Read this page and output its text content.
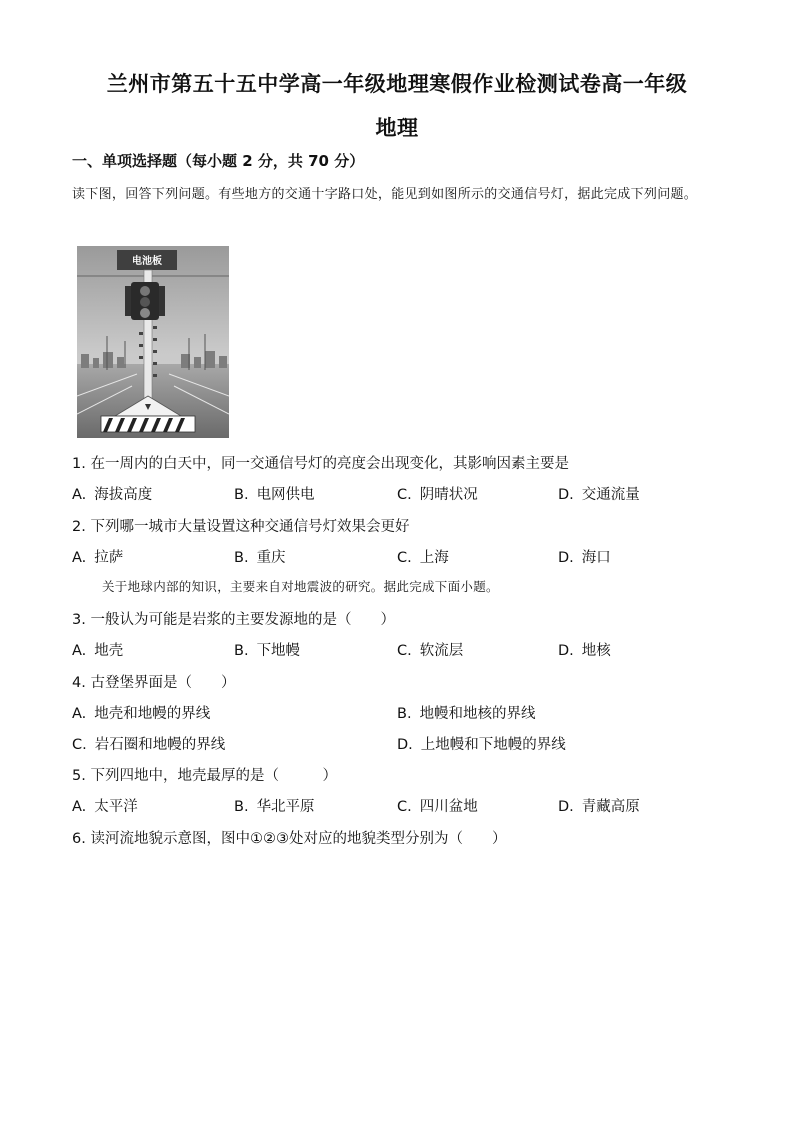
兰州市第五十五中学高一年级地理寒假作业检测试卷高一年级
地理
一、单项选择题（每小题 2 分，共 70 分）
读下图，回答下列问题。有些地方的交通十字路口处，能见到如图所示的交通信号灯，据此完成下列问题。
电池板
1. 在一周内的白天中，同一交通信号灯的亮度会出现变化，其影响因素主要是
A. 海拔高度	B. 电网供电	C. 阴晴状况	D. 交通流量
2. 下列哪一城市大量设置这种交通信号灯效果会更好
A. 拉萨	B. 重庆	C. 上海	D. 海口
关于地球内部的知识，主要来自对地震波的研究。据此完成下面小题。
3. 一般认为可能是岩浆的主要发源地的是（　　）
A. 地壳	B. 下地幔	C. 软流层	D. 地核
4. 古登堡界面是（　　）
A. 地壳和地幔的界线	B. 地幔和地核的界线
C. 岩石圈和地幔的界线	D. 上地幔和下地幔的界线
5. 下列四地中，地壳最厚的是（　　　）
A. 太平洋	B. 华北平原	C. 四川盆地	D. 青藏高原
6. 读河流地貌示意图，图中①②③处对应的地貌类型分别为（　　）
